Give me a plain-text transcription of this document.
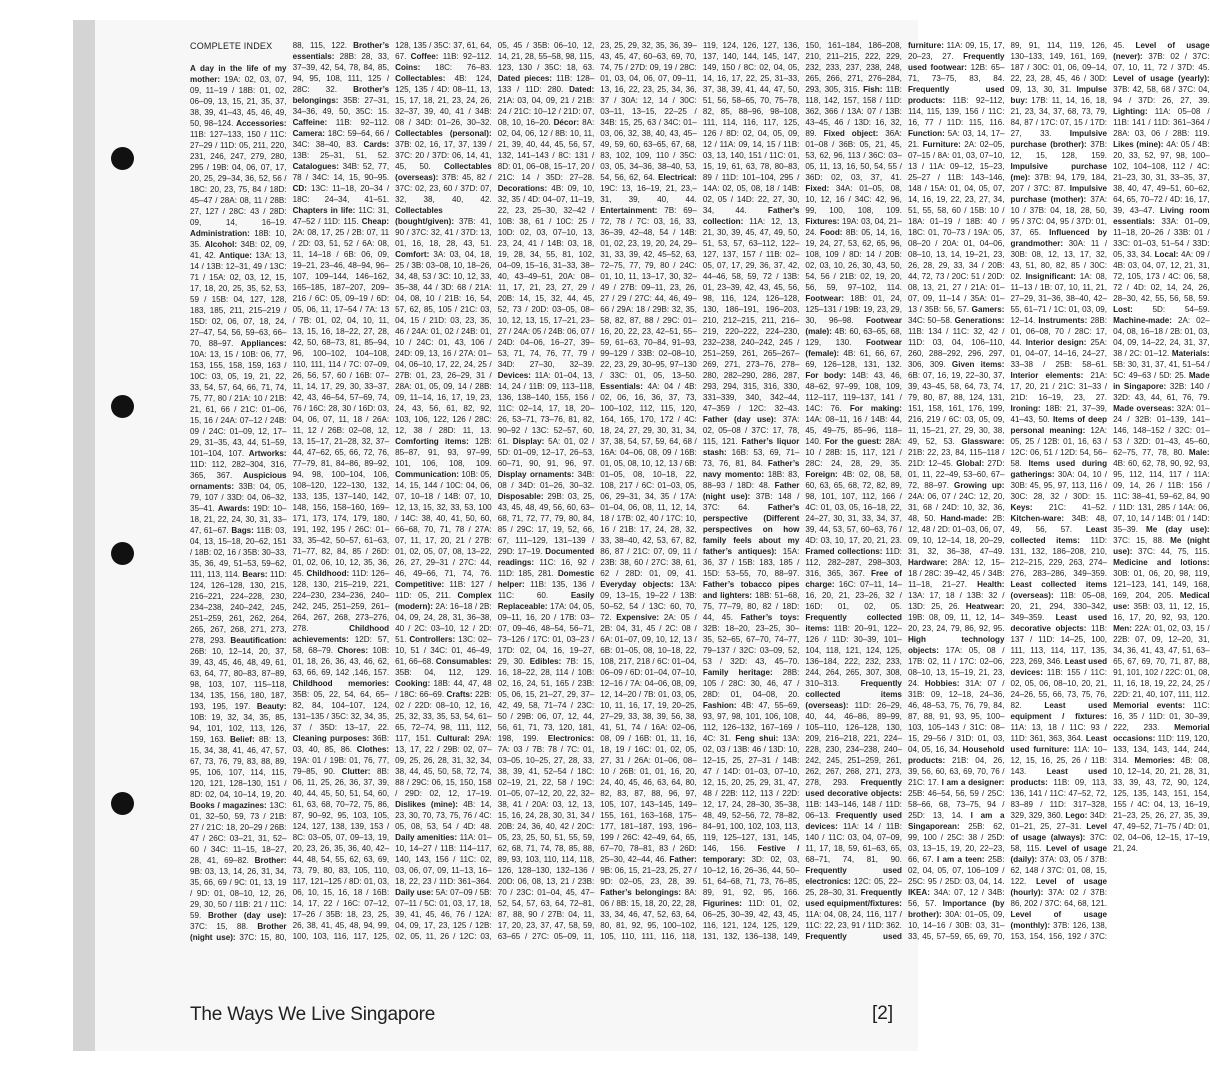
COMPLETE INDEX
A day in the life of my mother: 19A: 02, 03, 07, 09, 11–19 / 18B: 01, 02, 06–09, 13, 15, 21, 35, 37, 38, 39, 41–43, 45, 46, 49, 50, 98–124. Accessories: 11B: 127–133, 150 / 11C: 27–29 / 11D: 05, 211, 220, 231, 246, 247, 279, 280, 295 / 19B: 04, 06, 07, 17, 20, 25, 29–34, 36, 52, 56 / 18C: 20, 23, 75, 84 / 18D: 45–47 / 28A: 08, 11 / 28B: 27, 127 / 28C: 43 / 28D: 09, 14, 16–19. Administration: 18B: 10, 35. Alcohol: 34B: 02, 09, 41, 42. Antique: 13A: 13, 14 / 13B: 12–31, 49 / 13C: 71 / 15A: 02, 03, 12, 15, 17, 18, 20, 25, 35, 52, 53, 59 / 15B: 04, 127, 128, 183, 185, 211, 215–219 / 15D: 02, 06, 07, 18, 24, 27–47, 54, 56, 59–63, 66–70, 88–97. Appliances: 10A: 13, 15 / 10B: 06, 77, 153, 155, 158, 159, 163 / 10C: 03, 05, 19, 21, 22, 33, 54, 57, 64, 66, 71, 74, 75, 77, 80 / 21A: 10 / 21B: 21, 61, 66 / 21C: 01–06, 15, 16 / 24A: 07–12 / 24B: 09 / 24C: 01–09, 12, 17–29, 31–35, 43, 44, 51–59, 101–104, 107. Artworks: 11D: 112, 282–304, 316, 365, 367. Auspicious ornaments: 33B: 04, 05, 79, 107 / 33D: 04, 06–32, 35–41. Awards: 19D: 10–18, 21, 22, 24, 30, 31, 33–47, 61–67. Bags: 11B: 03, 04, 13, 15–18, 20–62, 151 / 18B: 02, 16 / 35B: 30–33, 35, 36, 49, 51–53, 59–62, 111, 113, 114. Bears: 11D: 124, 126–128, 130, 215, 216–221, 224–228, 230, 234–238, 240–242, 245, 251–259, 261, 262, 264, 265, 267, 268, 271, 273, 278, 293. Beautification: 26B: 10, 12–14, 20, 37, 39, 43, 45, 46, 48, 49, 61, 63, 64, 77, 80–83, 87–89, 98, 103, 107, 115–118, 134, 135, 156, 180, 187, 193, 195, 197. Beauty: 10B: 19, 32, 34, 35, 85, 94, 101, 102, 113, 126, 159, 163. Belief: 8B: 13, 15, 34, 38, 41, 46, 47, 57, 67, 73, 76, 79, 83, 88, 89, 95, 106, 107, 114, 115, 120, 121, 128–130, 151 / 8D: 02, 04, 10–14, 19, 20. Books / magazines: 13C: 01, 32–50, 59, 73 / 21B: 27 / 21C: 18, 20–29 / 26B: 47 / 26C: 03–21, 31, 52–60 / 34C: 11–15, 18–27, 28, 41, 69–82. Brother: 9B: 03, 13, 14, 26, 31, 34, 35, 66, 69 / 9C: 01, 13, 19 / 9D: 01, 08–10, 12, 26, 29, 30, 50 / 11B: 21 / 11C: 59. Brother (day use): 37C: 15, 88. Brother (night use): 37C: 15, 80, 88, 115, 122. Brother’s essentials: 28B: 28, 33, 37–39, 42, 54, 78, 84, 85, 94, 95, 108, 111, 125 / 28C: 32. Brother’s belongings: 35B: 27–31, 34–36, 49, 50, 35C: 15. Caffeine: 11B: 92–112. Camera: 18C: 59–64, 66 / 34C: 38–40, 83. Cards: 13B: 25–31, 51, 52. Catalogues: 34B: 52, 77, 78 / 34C: 14, 15, 90–95. CD: 13C: 11–18, 20–34 / 18C: 24–34, 41–51. Chapters in life: 11C: 31, 47–52 / 11D: 115. Cheap: 2A: 08, 17, 25 / 2B: 07, 11 / 2D: 03, 51, 52 / 6A: 08, 11, 14–18 / 6B: 06, 09, 19–21, 23–46, 48–94, 96–107, 109–144, 146–162, 165–185, 187–207, 209–216 / 6C: 05, 09–19 / 6D: 05, 06, 11, 17–54 / 7A: 13 / 7B: 01, 02, 04, 10, 11, 13, 15, 16, 18–22, 27, 28, 42, 50, 68–73, 81, 85–94, 96, 100–102, 104–108, 110, 111, 114 / 7C: 07–09, 26, 56, 57, 60 / 16B: 07–11, 14, 17, 29, 30, 33–37, 42, 43, 46–54, 57–69, 74, 76 / 16C: 28, 30 / 16D: 03, 04, 06, 07, 11, 18 / 26A: 11, 12 / 26B: 02–08, 12, 13, 15–17, 21–28, 32, 37–44, 47–62, 65, 66, 72, 76, 77–79, 81, 84–86, 89–92, 94, 98, 100–104, 106, 108–120, 122–130, 132, 133, 135, 137–140, 142, 148, 156, 158–160, 169–171, 173, 174, 179, 180, 191, 192, 195 / 26C: 01–33, 35–42, 50–57, 61–63, 71–77, 82, 84, 85 / 26D: 01, 02, 06, 10, 12, 35, 36, 45. Childhood: 11D: 126–128, 130, 215–219, 221, 224–230, 234–236, 240–242, 245, 251–259, 261–264, 267, 268, 273–276, 278. Childhood achievements: 12D: 57, 58, 68–79. Chores: 10B: 01, 18, 26, 36, 43, 46, 62, 63, 66, 69, 142 ,146, 157. Childhood memories: 35B: 05, 22, 54, 64, 65–82, 84, 104–107, 124, 131–135 / 35C: 32, 34, 35, 37 / 35D: 13–17, 22. Cleaning purposes: 36B: 03, 40, 85, 86. Clothes: 19A: 01 / 19B: 01, 76, 77, 79–85, 90. Clutter: 8B: 06, 11, 25, 26, 36, 37, 39, 40, 44, 45, 50, 51, 54, 60, 61, 63, 68, 70–72, 75, 86, 87, 90–92, 95, 103, 105, 124, 127, 138, 139, 153 / 8C: 03–05, 07, 09–13, 19, 20, 23, 26, 35, 36, 40, 42–44, 48, 54, 55, 62, 63, 69, 73, 79, 80, 83, 105, 110, 117, 121–125 / 8D: 01, 03, 06, 10, 15, 16, 18 / 16B: 14, 17, 22 / 16C: 07–12, 17–26 / 35B: 18, 23, 25, 26, 38, 41, 45, 48, 94, 99, 100, 103, 116, 117, 125, 128, 135 / 35C: 37, 61, 64, 67. Coffee: 11B: 92–112. Coins: 18C: 76–83. Collectables: 4B: 124, 125, 135 / 4D: 08–11, 13, 15, 17, 18, 21, 23, 24, 26, 32–37, 39, 40, 41 / 34B: 08 / 34D: 01–26, 30–32. Collectables (personal): 37B: 02, 16, 17, 37, 139 / 37C: 20 / 37D: 06, 14, 41, 45, 50. Collectables (overseas): 37B: 45, 82 / 37C: 02, 23, 60 / 37D: 07, 32, 38, 40, 42. Collectables (bought/given): 37B: 41, 90 / 37C: 32, 41 / 37D: 13, 01, 16, 18, 28, 43, 51. Comfort: 3A: 03, 04, 18, 25 / 3B: 03–08, 10, 18–26, 34, 48, 53 / 3C: 10, 12, 33, 35–38, 44 / 3D: 68 / 21A: 04, 08, 10 / 21B: 16, 54, 57, 62, 85, 105 / 21C: 03, 04, 15 / 21D: 03, 23, 35, 46 / 24A: 01, 02 / 24B: 01, 10 / 24C: 01, 43, 106 / 24D: 09, 13, 16 / 27A: 01–04, 06–10, 17, 22, 24, 25 / 27B: 01, 23, 26–29, 31 / 28A: 01, 05, 09, 14 / 28B: 09, 11–14, 16, 17, 19, 23, 24, 43, 56, 61, 82, 92, 103, 106, 122, 126 / 28C: 12, 38 / 28D: 11, 13. Comforting items: 12B: 85–87, 91, 93, 97–99, 101, 106, 108, 109. Communication: 10B: 05, 14, 15, 144 / 10C: 04, 06, 07, 10–18 / 14B: 07, 10, 12, 13, 15, 32, 33, 53, 100 / 14C: 38, 40, 41, 50, 60, 66–68, 70, 71, 78 / 27A: 07, 11, 17, 20, 21 / 27B: 01, 02, 05, 07, 08, 13–22, 26, 27, 29–31 / 27C: 44, 46, 49–66, 71, 74, 76. Competitive: 11B: 127 / 11D: 05, 211. Complex (modern): 2A: 16–18 / 2B: 04, 09, 24, 28, 31, 36–38, 40 / 2C: 03–10, 12 / 2D: 51. Controllers: 13C: 02–10, 51 / 34C: 01, 46–49, 61, 66–68. Consumables: 35B: 04, 112, 129. Cooking: 18B: 44, 47, 48 / 18C: 66–69. Crafts: 22B: 02 / 22D: 08–10, 12, 16, 25, 32, 33, 35, 53, 54, 61–65, 72–74, 98, 111, 112, 117, 151. Cultural: 29A: 13, 17, 22 / 29B: 02, 07–09, 25, 26, 28, 31, 32, 34, 38, 44, 45, 50, 58, 72, 74, 88 / 29C: 06, 15, 150, 158 / 29D: 02, 12, 17–19. Dislikes (mine): 4B: 14, 23, 30, 70, 73, 75, 76 / 4C: 05, 08, 53, 54 / 4D: 48. Daily amenities: 11A: 01–10, 14–27 / 11B: 114–117, 140, 143, 156 / 11C: 02, 03, 06, 07, 09, 11–13, 16–18, 22, 23 / 11D: 361–364. Daily use: 5A: 07–09 / 5B: 07–11 / 5C: 01, 03, 17, 18, 39, 41, 45, 46, 76 / 12A: 04, 09, 17, 23, 125 / 12B: 02, 05, 11, 26 / 12C: 03, 05, 45 / 35B: 06–10, 12, 14, 21, 28, 55–58, 98, 115, 123, 130 / 35C: 18, 63. Dated pieces: 11B: 128–133 / 11D: 280. Dated: 21A: 03, 04, 09, 21 / 21B: 24 / 21C: 10–12 / 21D: 07, 08, 10, 16–20. Décor: 8A: 02, 04, 06, 12 / 8B: 10, 11, 21, 39, 40, 44, 45, 56, 57, 132, 141–143 / 8C: 131 / 8D: 01, 06–08, 15–17, 20 / 21C: 14 / 35D: 27–28. Decorations: 4B: 09, 10, 32, 35 / 4D: 04–07, 11–19, 22, 23, 25–30, 32–42 / 10B: 38, 61 / 10C: 25 / 10D: 02, 03, 07–10, 13, 23, 24, 41 / 14B: 03, 18, 19, 28, 34, 55, 81, 102, 04–09, 15–16, 31–33, 38–40, 43–49–51, 20A: 08–11, 17, 21, 23, 27, 29 / 20B: 14, 15, 32, 44, 45, 52, 73 / 20D: 03–05, 08–10, 12, 13, 15, 17–21, 23–27 / 24A: 05 / 24B: 06, 07 / 24D: 04–06, 16–27, 39–53, 71, 74, 76, 77, 79 / 34D: 27–30, 32–39. Devices: 11A: 01–04, 13, 14, 24 / 11B: 09, 113–118, 136, 138–140, 155, 156 / 11C: 02–14, 17, 18, 20–26, 53–71, 73–76, 81, 82, 90–92 / 13C: 52–57, 60, 61. Display: 5A: 01, 02 / 5D: 01–09, 12–17, 26–53, 60–71, 90, 91, 96, 97. Display ornaments: 34B: 08 / 34D: 01–26, 30–32. Disposable: 29B: 03, 25, 43, 45, 48, 49, 56, 60, 63–68, 71, 72, 77, 79, 80, 84, 85 / 29C: 17, 19, 52, 66, 67, 111–129, 131–139 / 29D: 17–19. Documented readings: 11C: 16, 92 / 11D: 185, 281. Domestic helper: 11B: 135, 136 / 11C: 60. Easily Replaceable: 17A: 04, 05, 09–11, 16, 20 / 17B: 03–07, 09–46, 48–54, 56–71, 73–126 / 17C: 01, 03–23 / 17D: 02, 04, 16, 19–27, 29, 30. Edibles: 7B: 15, 16, 18–22, 28, 114 / 10B: 02, 16, 24, 51, 165 / 23B: 05, 06, 15, 21–27, 29, 37–42, 49, 58, 71–74 / 23C: 50 / 29B: 06, 07, 12, 44, 56, 61, 71, 73, 120, 181, 198, 199. Electronics: 7A: 03 / 7B: 78 / 7C: 01, 03–05, 10–25, 27, 28, 33, 38, 39, 41, 52–54 / 18C: 02–19, 21, 22, 58 / 19C: 01–05, 07–12, 20, 22, 32–38, 41 / 20A: 03, 12, 13, 15, 16, 24, 28, 30, 31, 34 / 20B: 24, 36, 40, 42 / 20C: 05, 23, 25, 50, 51, 55, 59, 62, 68, 71, 74, 78, 85, 88, 89, 93, 103, 110, 114, 118, 126, 128–130, 132–136 / 20D: 06, 08, 13, 21 / 23B: 70 / 23C: 01–04, 45, 47–52, 54, 57, 63, 64, 72–81, 87, 88, 90 / 27B: 04, 11, 17, 20, 23, 37, 47, 58, 59, 63–65 / 27C: 05–09, 11, 23, 25, 29, 32, 35, 36, 39–43, 45, 47, 60–63, 69, 70, 74, 75 / 27D: 09, 19 / 28C: 01, 03, 04, 06, 07, 09–11, 13, 16, 22, 23, 25, 34, 36, 37 / 30A: 12, 14 / 30C: 03–11, 13–15, 22–25 / 34B: 15, 25, 63 / 34C: 01–03, 06, 32, 38, 40, 43, 45–49, 59, 60, 63–65, 67, 68, 83, 102, 109, 110 / 35C: 03, 05, 34–36, 38–40, 53, 54, 56, 62, 64. Electrical: 19C: 13, 16–19, 21, 23,–31, 39, 40, 44. Entertainment: 7B: 69–72, 78 / 7C: 03, 16, 33, 36–39, 42–48, 54 / 14B: 01, 02, 23, 19, 20, 24, 29–31, 33, 39, 42, 45–52, 63, 72–75, 77, 79, 80 / 24C: 01, 10, 11, 13–17, 30, 32–49 / 27B: 09–11, 23, 26, 27 / 29 / 27C: 44, 46, 49–66 / 29A: 18 / 29B: 32, 35, 58, 82, 87, 88 / 29C: 01–16, 20, 22, 23, 42–51, 55–59, 61–63, 70–84, 91–93, 99–129 / 33B: 02–08–10, 22, 23, 29, 30–95, 97–130 / 33C: 01, 05, 13–50. Essentials: 4A: 04 / 4B: 02, 06, 16, 36, 37, 73, 100–102, 112, 115, 120, 164, 165, 170, 172 / 4C: 18, 24, 27, 29, 30, 31, 34, 37, 38, 54, 57, 59, 64, 68 / 16A: 04–06, 08, 09 / 16B: 01, 05, 08, 10, 12, 13 / 6B: 01–05, 08, 10–18, 22, 108, 217 / 6C: 01–03, 05, 06, 29–31, 34, 35 / 17A: 01–04, 06, 08, 11, 12, 14, 18 / 17B: 02, 40 / 17C: 10, 16 / 21B: 17, 24, 28, 32, 33, 38–40, 42, 53, 67, 82, 86, 87 / 21C: 07, 09, 11 / 23B: 38, 60 / 27C: 38, 61, 62 / 28D: 01, 09, 41. Everyday objects: 13A: 09, 13–15, 19–22 / 13B: 50–52, 54 / 13C: 60, 70, 72. Expensive: 2A: 05 / 2B: 04, 31, 45 / 2C: 08 / 6A: 01–07, 09, 10, 12, 13 / 6B: 01–05, 08, 10–18, 22, 108, 217, 218 / 6C: 01–04, 06–09 / 6D: 01–04, 07–10, 12–16 / 7A: 04–06, 08, 09, 12, 14–20 / 7B: 01, 03, 05, 10, 11, 16, 17, 19, 20–25, 27–29, 33, 38, 39, 56, 38, 41, 51, 74 / 16A: 02–06, 08, 09 / 16B: 01, 11, 16, 18, 19 / 16C: 01, 02, 05, 27, 31 / 26A: 01–06, 08–10 / 26B: 01, 01, 16, 20, 24, 40, 45, 46, 63, 64, 80, 82, 83, 87, 88, 96, 97, 105, 107, 143–145, 149–155, 161, 163–168, 175–177, 181–187, 193, 196–199 / 26C: 42–49, 64, 65, 67–70, 78–81, 83 / 26D: 25–30, 42–44, 46. Father: 9B: 06, 15, 21–23, 25, 27 / 9D: 02–05, 23, 28, 39. Father’s belongings: 8A: 06 / 8B: 15, 18, 20, 22, 28, 33, 34, 46, 47, 52, 63, 64, 80, 81, 92, 95, 100–102, 105, 110, 111, 116, 118, 119, 124, 126, 127, 136, 137, 140, 144, 145, 147, 149, 150 / 8C: 02, 04, 05, 14, 16, 17, 22, 25, 31–33, 37, 38, 39, 41, 44, 47, 50, 51, 56, 58–65, 70, 75–78, 82, 85, 88–96, 98–108, 111, 114, 116, 117, 125, 126 / 8D: 02, 04, 05, 09, 12 / 11A: 09, 14, 15 / 11B: 03, 13, 140, 151 / 11C: 01, 15, 19, 61, 63, 78, 80–83, 89 / 11D: 101–104, 295 / 14A: 02, 05, 08, 18 / 14B: 02, 05 / 14D: 22, 27, 30, 34, 44. Father’s collection: 11A: 12, 13, 21, 30, 39, 45, 47, 49, 50, 51, 53, 57, 63–112, 122–127, 137, 157 / 11B: 02–05, 07, 17, 29, 36, 37, 42, 44–46, 58, 59, 72 / 13B: 01, 23–39, 42, 43, 45, 56, 98, 116, 124, 126–128, 130, 186–191, 196–203, 210, 212–215, 211, 216–219, 220–222, 224–230, 232–238, 240–242, 245 / 251–259, 261, 265–267–269, 271, 273–76, 278–280, 282–290, 286, 287, 293, 294, 315, 316, 330, 331–339, 340, 342–44, 47–359 / 12C: 32–43. Father (day use): 37A: 02, 05–08 / 37C: 17, 78, 115, 121. Father’s liquor stash: 16B: 53, 69, 71–73, 76, 81, 84. Father’s navy momento: 18B: 83, 88–93 / 18D: 48. Father (night use): 37B: 148 / 37C: 64. Father’s perspective (Different perspectives on how family feels about my father’s antiques): 15A: 36, 37 / 15B: 183, 185 / 15D: 53–55, 70, 88–97. Father’s tobacco pipes and lighters: 18B: 51–68, 75, 77–79, 80, 82 / 18D: 44, 45. Father’s toys: 32B: 18–20, 23–25, 30–35, 52–65, 67–70, 74–77, 79–137 / 32C: 03–09, 52, 53 / 32D: 43, 45–70. Family heritage: 28B: 105 / 28C: 30, 46, 47 / 28D: 01, 04–08, 20. Fashion: 4B: 47, 55–69, 93, 97, 98, 101, 106, 108, 112, 126–132, 167–169 / 4C: 31. Feng shui: 13A: 02, 03 / 13B: 46 / 13D: 10, 12–15, 25, 27–31 / 14B: 47 / 14D: 01–03, 07–10, 12, 15, 20, 25, 29, 31, 47, 48 / 22B: 112, 113 / 22D: 12, 17, 24, 28–30, 35–38, 48, 49, 52–56, 72, 78–82, 84–91, 100, 102, 103, 113, 119, 125–127, 131, 145, 146, 156. Festive / temporary: 3D: 02, 03, 10–12, 16, 26–36, 44, 50–51, 64–68, 71, 73, 76–85, 89, 91, 92, 95, 166. Figurines: 11D: 01, 02, 06–25, 30–39, 42, 43, 45, 116, 121, 124, 125, 129, 131, 132, 136–138, 149, 150, 161–184, 186–208, 210, 211–215, 222, 229, 232, 233, 237, 238, 248, 265, 266, 271, 276–284, 293, 305, 315. Fish: 11B: 118, 142, 157, 158 / 11D: 362, 366 / 13A: 07 / 13B: 43–45, 46 / 13D: 16, 32, 89. Fixed object: 36A: 01–08 / 36B: 05, 21, 45, 53, 62, 96, 113 / 36C: 03–05, 11, 13, 16, 50, 54, 55 / 36D: 02, 03, 37, 41. Fixed: 34A: 01–05, 08, 10, 12, 16 / 34C: 42, 96, 99, 100, 108, 109. Fixtures: 19A: 03, 04, 21–24. Food: 8B: 05, 14, 16, 19, 24, 27, 53, 62, 65, 96, 108, 109 / 8D: 14 / 20B: 02, 03, 10, 26, 30, 43, 50, 54, 56 / 21B: 02, 19, 20, 56, 59, 97–102, 114. Footwear: 18B: 01, 24, 125–131 / 19B: 19, 23, 29, 30, 96–98. Footwear (male): 4B: 60, 63–65, 68, 129, 130. Footwear (female): 4B: 61, 66, 67, 69, 126–128, 131, 132. For body: 14B: 43, 46, 48–62, 97–99, 108, 109, 112–117, 119–137, 141 / 14C: 76. For making: 14A: 08–11, 16 / 14B: 44, 45, 49–75, 85–96, 118–140. For the guest: 28A: 10 / 28B: 15, 117, 121 / 28C: 24, 28, 29, 35. Foreign: 4B: 02, 08, 58, 60, 63, 65, 68, 72, 82, 89, 98, 101, 107, 112, 166 / 4C: 01, 03, 05, 16–18, 22, 24–27, 30, 31, 33, 34, 37, 39, 44, 53, 57, 60–63, 76 / 4D: 03, 10, 17, 20, 21, 23. Framed collections: 11D: 112, 282–287, 298–303, 316, 365, 367. Free of charge: 16C: 07–11, 14–16, 20, 21, 23–26, 32 / 16D: 01, 02, 05. Frequently collected items: 11B: 20–91, 122–126 / 11D: 30–39, 101–104, 118, 121, 124, 125, 136–184, 222, 232, 233, 244, 264, 265, 307, 308, 310–313. Frequently collected items (overseas): 11D: 26–29, 40, 44, 46–86, 89–99, 105–110, 126–128, 130, 209, 216–218, 221, 224–228, 230, 234–238, 240–242, 245, 251–259, 261, 262, 267, 268, 271, 273, 278, 293. Frequently used decorative objects: 11B: 143–146, 148 / 11D: 06–13. Frequently used devices: 11A: 14 / 11B: 140 / 11C: 03, 04, 07–09, 11, 17, 18, 59, 61–63, 65, 68–71, 74, 81, 90. Frequently used electronics: 12C: 05, 22–25, 28–30, 31. Frequently used equipment/fixtures: 11A: 04, 08, 24, 116, 117 / 11C: 22, 23, 91 / 11D: 362. Frequently used furniture: 11A: 09, 15, 17, 20–23, 27. Frequently used footwear: 12B: 65–71, 73–75, 83, 84. Frequently used products: 11B: 92–112, 114, 115, 139, 156 / 11C: 16, 77 / 11D: 115, 116. Function: 5A: 03, 14, 17–21. Furniture: 2A: 02–05, 07–15 / 8A: 01, 03, 07–10, 13 / 11A: 09–12, 15–23, 25–27 / 11B: 143–146, 148 / 15A: 01, 04, 05, 07, 14, 16, 19, 22, 23, 27, 34, 51, 55, 58, 60 / 15B: 10 / 18A: 01–19 / 18B: 40 / 18C: 01, 70–73 / 19A: 05, 08–20 / 20A: 01, 04–06, 08–10, 13, 14, 19–21, 23, 26, 28, 29, 33, 34 / 20B: 44, 72, 73 / 20C: 51 / 20D: 08, 13, 21, 27 / 21A: 01–07, 09, 11–14 / 35A: 01–13 / 35B: 56, 57. Gamers: 34C: 50–58. Generations: 11B: 134 / 11C: 32, 42 / 11D: 03, 04, 106–110, 260, 288–292, 296, 297, 306, 309. Given items: 6B: 07, 16, 19, 22–30, 37, 39, 43–45, 58, 64, 73, 74, 79, 80, 87, 88, 124, 131, 151, 158, 161, 176, 199, 216, 219 / 6C: 03, 05, 09, 11, 15–21, 27, 29, 30, 38, 49, 52, 53. Glassware: 21B: 22, 23, 84, 115–118 / 21D: 12–45. Global: 27D: 01, 11, 22–49, 53–60, 67–72, 88–97. Growing up: 24A: 06, 07 / 24C: 12, 20, 31, 68 / 24D: 10, 32, 36, 48, 50. Hand-made: 2B: 12, 48 / 2D: 01–03, 06, 07, 09, 10, 12–14, 18, 20–29, 31, 32, 36–38, 47–49. Hardware: 28A: 12, 15–18 / 28C: 39–42, 45 / 34B: 11–18, 21–27. Health: 13A: 17, 18 / 13B: 32 / 13D: 25, 26. Heatwear: 19B: 08, 09, 11, 12, 14–20, 23, 24, 79, 86, 92, 95. High technology objects: 17A: 05, 08 / 17B: 02, 11 / 17C: 02–06, 08–10, 13, 15–19, 21, 23, 24. Hobbies: 31A: 07 / 31B: 09, 12–18, 24–36, 46, 48–53, 75, 76, 79, 84, 87, 88, 91, 93, 95, 100–103, 105–143 / 31C: 08–15, 29–56 / 31D: 01, 03, 04, 05, 16, 34. Household products: 21B: 04, 26, 39, 56, 60, 63, 69, 70, 76 / 21C: 17. I am a designer: 25B: 46–54, 56, 59 / 25C: 58–66, 68, 73–75, 94 / 25D: 13, 14. I am a Singaporean: 25B: 62, 99, 100 / 25C: 38 / 25D: 03, 13–15, 19, 20, 22–23, 66, 67. I am a teen: 25B: 02, 04, 05, 07, 106–109 / 25C: 95 / 25D: 03, 04, 14. IKEA: 34A: 07, 12 / 34B: 56, 57. Importance (by brother): 30A: 01–05, 09, 10, 14–16 / 30B: 03, 31–33, 45, 57–59, 65, 69, 70, 89, 91, 114, 119, 126, 130–133, 149, 161, 169, 187 / 30C: 01, 06, 09–14, 22, 23, 28, 45, 46 / 30D: 09, 13, 30, 31. Impulse buy: 17B: 11, 14, 16, 18, 21, 23, 34, 37, 68, 73, 79, 84, 87 / 17C: 07, 15 / 17D: 27, 33. Impulsive purchase (brother): 37B: 12, 15, 128, 159. Impulsive purchase (me): 37B: 94, 179, 184, 207 / 37C: 87. Impulsive purchase (mother): 37A: 10 / 37B: 04, 18, 28, 50, 95 / 37C: 04, 95 / 37D: 01, 37, 65. Influenced by grandmother: 30A: 11 / 30B: 08, 12, 13, 17, 32, 43, 51, 80, 82, 85 / 30C: 02. Insignificant: 1A: 08, 11–13 / 1B: 07, 10, 11, 21, 27–29, 31–36, 38–40, 42–55, 61–71 / 1C: 01, 03, 09, 12–14. Instruments: 28B: 01, 06–08, 70 / 28C: 17, 44. Interior design: 25A: 01, 04–07, 14–16, 24–27, 33–38 / 25B: 58–61. Interior elements: 21A: 17, 20, 21 / 21C: 31–33 / 21D: 16–19, 23, 27. Ironing: 18B: 21, 37–39, 41–43, 50. Items of deep personal meaning: 12A: 05, 25 / 12B: 01, 16, 63 / 12C: 06, 51 / 12D: 54, 56–58. Items used during gatherings: 30A: 04, 10 / 30B: 45, 95, 97, 113, 116 / 30C: 28, 32 / 30D: 15. Keys: 21C: 41–52. Kitchen-ware: 34B: 48, 49, 56, 57. Least collected items: 11D: 131, 132, 186–208, 210, 212–215, 229, 263, 274–276, 283–286, 349–359. Least collected items (overseas): 11B: 05–08, 20, 21, 294, 330–342, 349–359. Least used decorative objects: 11B: 137 / 11D: 14–25, 100, 111, 113, 114, 117, 135, 223, 269, 346. Least used devices: 11B: 155 / 11C: 02, 05, 06, 08–10, 20, 21, 24–26, 55, 66, 73, 75, 76, 82. Least used equipment / fixtures: 11A: 13, 18 / 11C: 93 / 11D: 361, 363, 364. Least used furniture: 11A: 10–12, 15, 16, 25, 26 / 11B: 143. Least used products: 11B: 09, 113, 136, 141 / 11C: 47–52, 72, 83–89 / 11D: 317–328, 329, 329, 360. Lego: 34D: 01–21, 25, 27–31. Level of usage (always): 37C: 58, 115. Level of usage (daily): 37A: 03, 05 / 37B: 62, 148 / 37C: 01, 08, 15, 122. Level of usage (hourly): 37A: 02 / 37B: 86, 202 / 37C: 64, 68, 121. Level of usage (monthly): 37B: 126, 138, 153, 154, 156, 192 / 37C: 45. Level of usage (never): 37B: 02 / 37C: 07, 10, 11, 72 / 37D: 45. Level of usage (yearly): 37B: 42, 58, 68 / 37C: 04, 94 / 37D: 26, 27, 39. Lighting: 11A: 05–08 / 11B: 141 / 11D: 361–364 / 28A: 03, 06 / 28B: 119. Likes (mine): 4A: 05 / 4B: 20, 33, 52, 97, 98, 100–102, 104–108, 112 / 4C: 21–23, 30, 31, 33–35, 37, 38, 40, 47, 49–51, 60–62, 64, 65, 70–72 / 4D: 16, 17, 39, 43–47. Living room essentials: 33A: 01–09, 11–18, 20–26 / 33B: 01 / 33C: 01–03, 51–54 / 33D: 05, 33, 34. Local: 4A: 09 / 4B: 03, 04, 07, 12, 21, 31, 72, 105, 173 / 4C: 06, 58, 72 / 4D: 02, 14, 24, 26, 28–30, 42, 55, 56, 58, 59. Lost: 5D: 54–59. Machine-made: 2A: 02–04, 08, 16–18 / 2B: 01, 03, 04, 09, 14–22, 24, 31, 37, 38 / 2C: 01–12. Materials: 5B: 30, 31, 37, 41, 51–54 / 5C: 49–63 / 5D: 25. Made in Singapore: 32B: 140 / 32D: 43, 44, 61, 76, 79. Made overseas: 32A: 01–24 / 32B: 01–139, 141–146, 148–152 / 32C: 01–53 / 32D: 01–43, 45–60, 62–75, 77, 78, 80. Male: 4B: 60, 62, 78, 90, 92, 93, 95, 112, 114, 117 / 11A: 09, 14, 26 / 11B: 156 / 11C: 38–41, 59–62, 84, 90 / 11D: 131, 285 / 14A: 06, 07, 10, 14 / 14B: 01 / 14D: 35–39. Me (day use): 37C: 15, 88. Me (night use): 37C: 44, 75, 115. Medicine and lotions: 30B: 01, 06, 20, 98, 119, 121–123, 141, 149, 168, 169, 204, 205. Medical use: 35B: 03, 11, 12, 15, 16, 17, 20, 92, 93, 120. Men: 22A: 01, 02, 03, 15 / 22B: 07, 09, 12–20, 31, 34, 36, 41, 43, 47, 51, 63–65, 67, 69, 70, 71, 87, 88, 91, 101, 102 / 22C: 01, 08, 11, 16, 18, 19, 22, 24, 25 / 22D: 21, 40, 107, 111, 112. Memorial events: 11C: 16, 35 / 11D: 01, 30–39, 222, 233. Memorial occasions: 11D: 119, 120, 133, 134, 143, 144, 244, 314. Memories: 4B: 08, 10, 12–14, 20, 21, 28, 31, 33, 39, 43, 72, 90, 124, 125, 135, 143, 151, 154, 155 / 4C: 04, 13, 16–19, 21–23, 25, 26, 27, 35, 39, 47, 49–52, 71–75 / 4D: 01, 02, 04–06, 12–15, 17–19, 21, 24.
The Ways We Live Singapore	[2]
